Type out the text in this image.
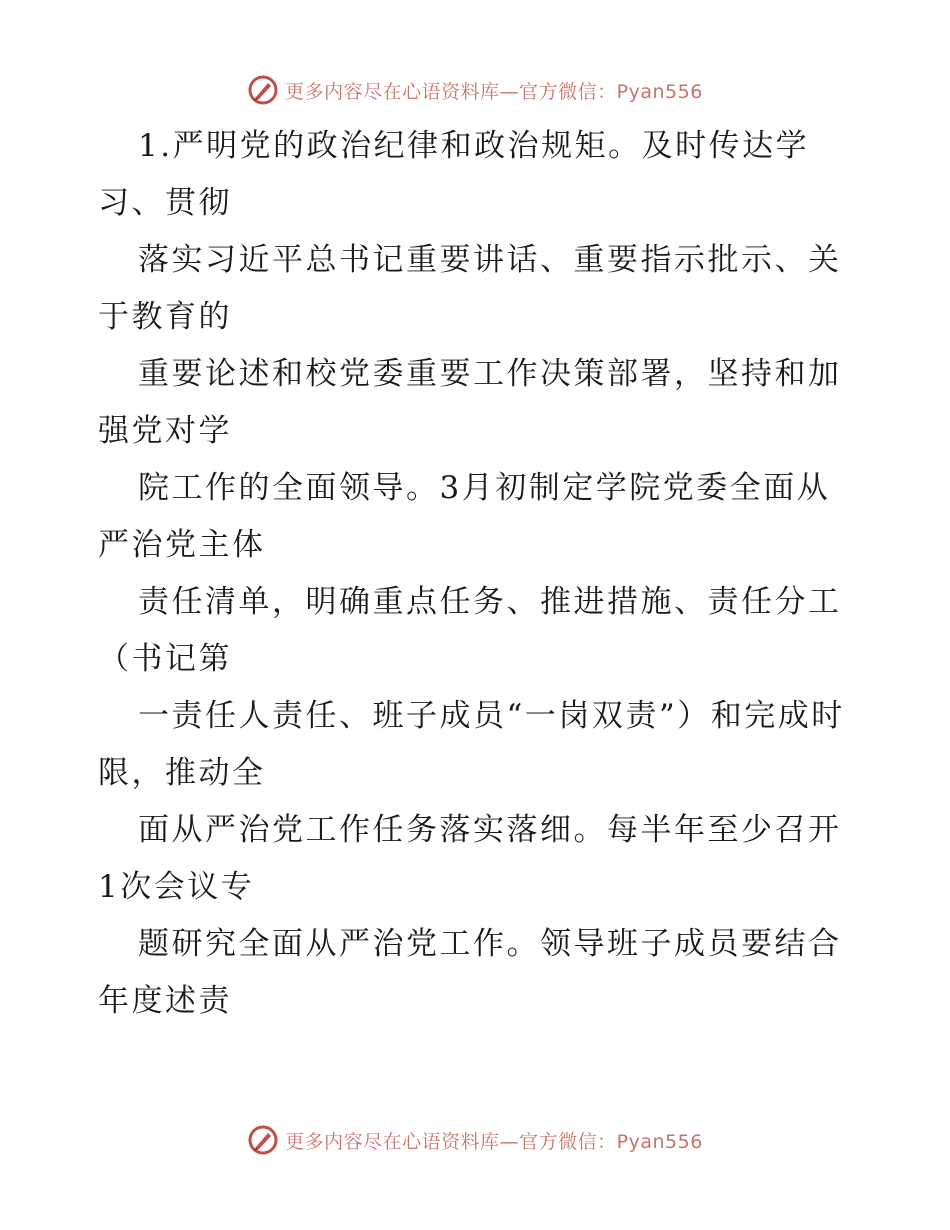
更多内容尽在心语资料库—官方微信：Pyan556

1.严明党的政治纪律和政治规矩。及时传达学习、贯彻

落实习近平总书记重要讲话、重要指示批示、关于教育的

重要论述和校党委重要工作决策部署，坚持和加强党对学

院工作的全面领导。3月初制定学院党委全面从严治党主体

责任清单，明确重点任务、推进措施、责任分工（书记第

一责任人责任、班子成员“一岗双责”）和完成时限，推动全

面从严治党工作任务落实落细。每半年至少召开1次会议专

题研究全面从严治党工作。领导班子成员要结合年度述责

更多内容尽在心语资料库—官方微信：Pyan556
